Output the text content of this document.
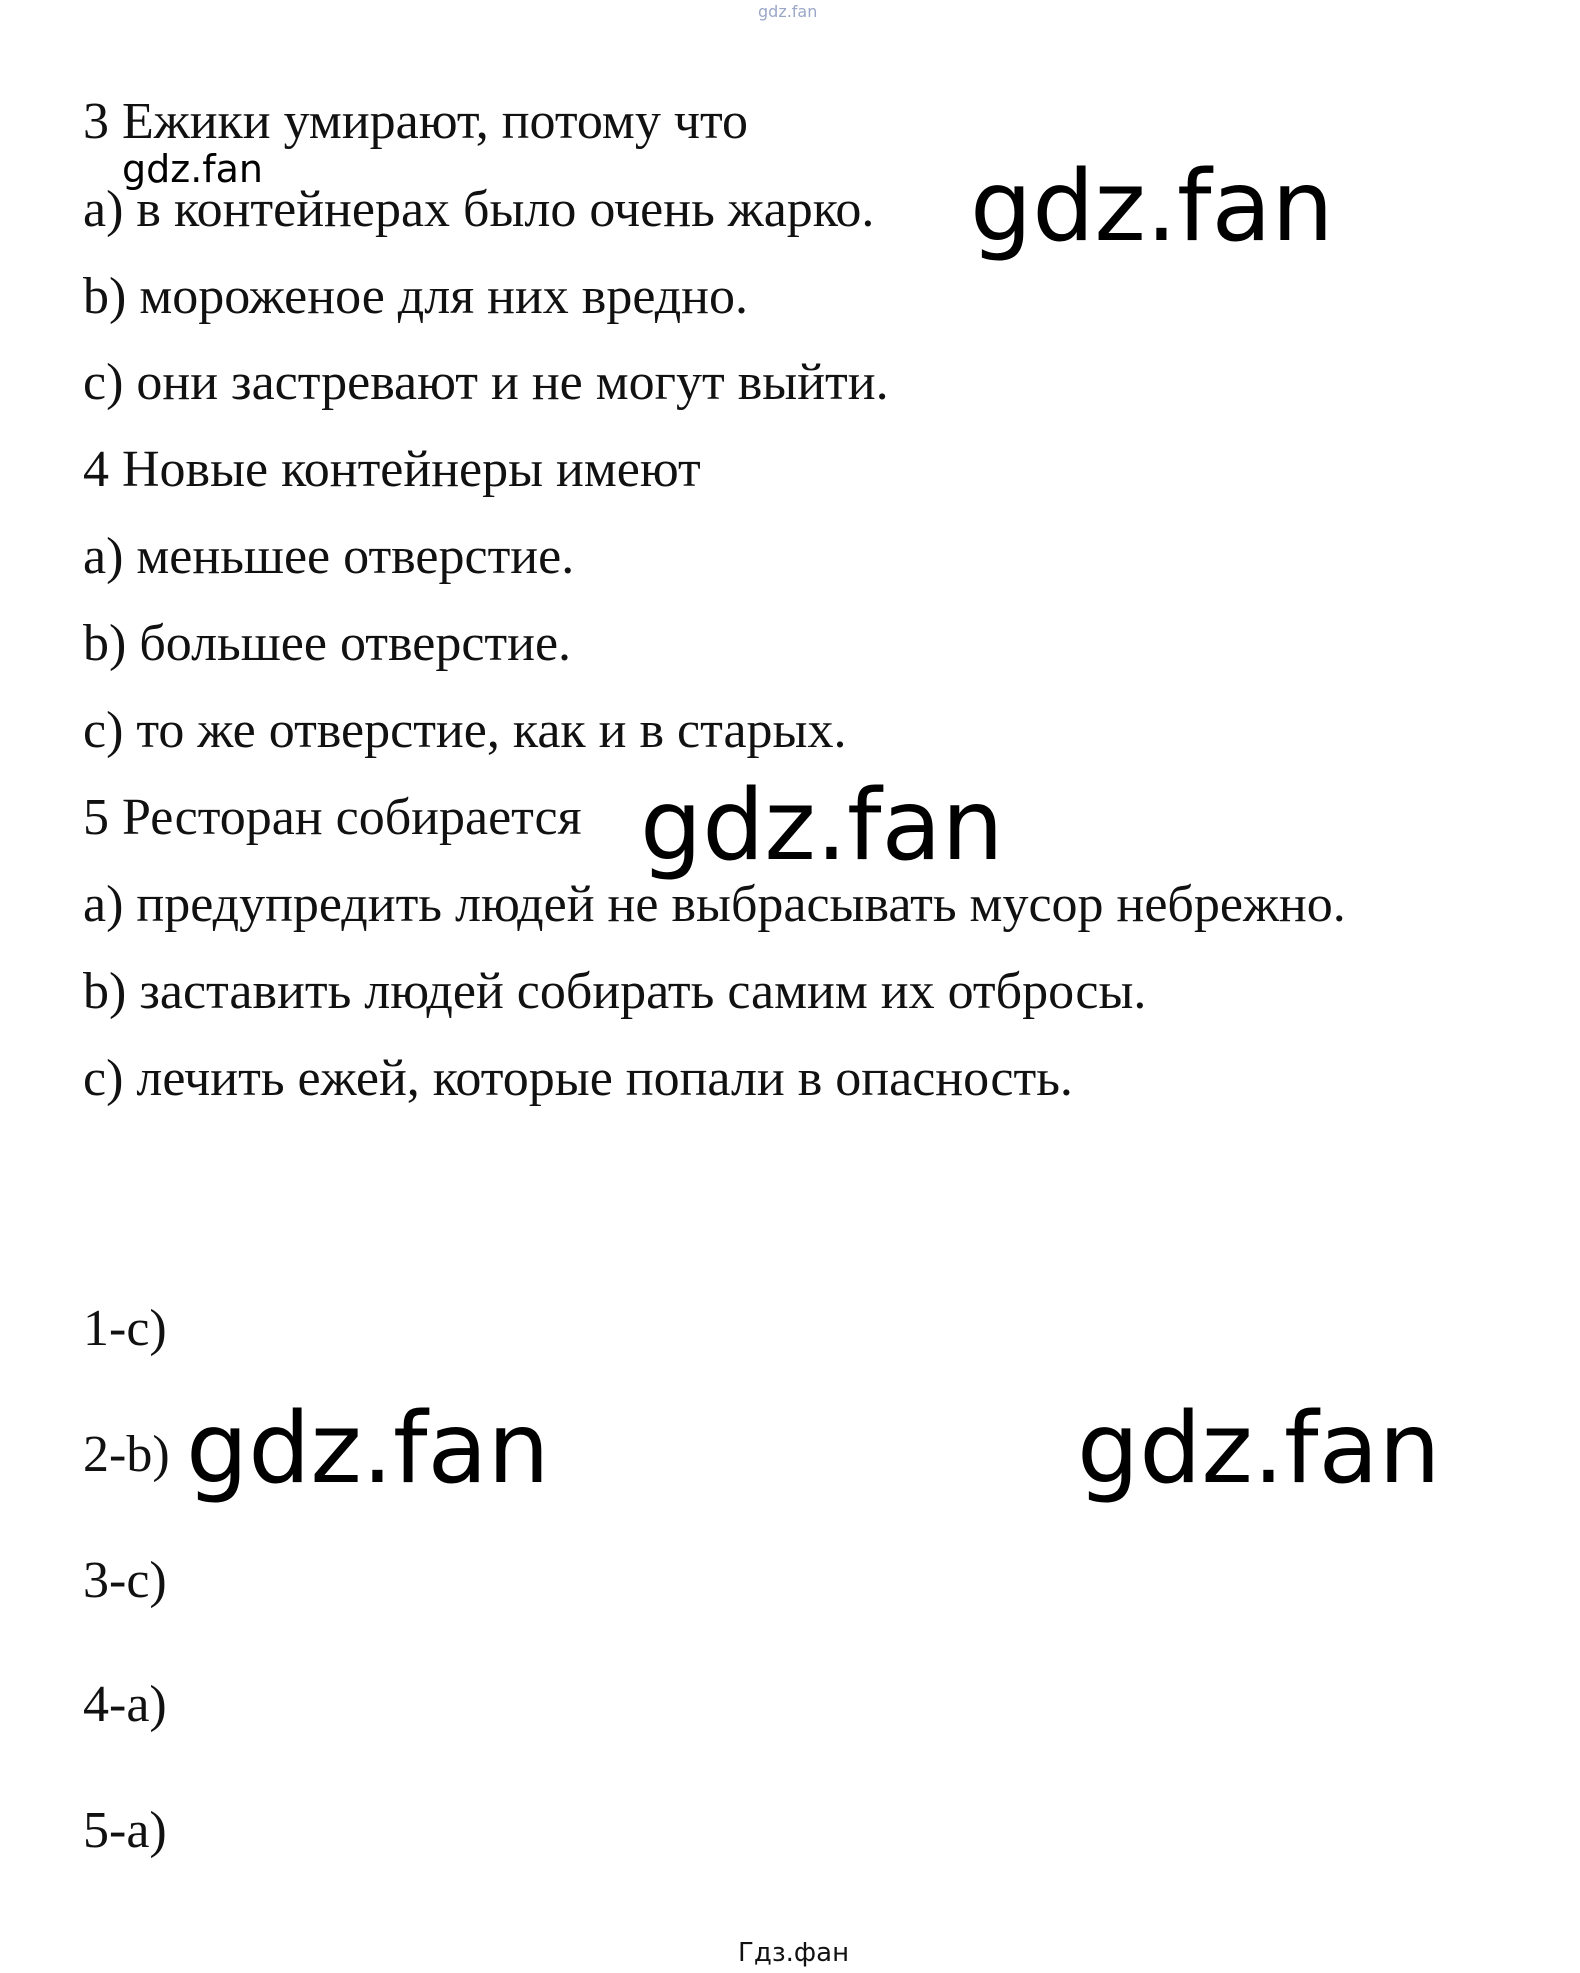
gdz.fan
3 Ежики умирают, потому что
gdz.fan
a) в контейнерах было очень жарко. gdz.fan
b) мороженое для них вредно.
c) они застревают и не могут выйти.
4 Новые контейнеры имеют
a) меньшее отверстие.
b) большее отверстие.
c) то же отверстие, как и в старых.
5 Ресторан собирается gdz.fan
a) предупредить людей не выбрасывать мусор небрежно.
b) заставить людей собирать самим их отбросы.
c) лечить ежей, которые попали в опасность.
1-c)
2-b) gdz.fan	gdz.fan
3-c)
4-a)
5-a)
Гдз.фан
